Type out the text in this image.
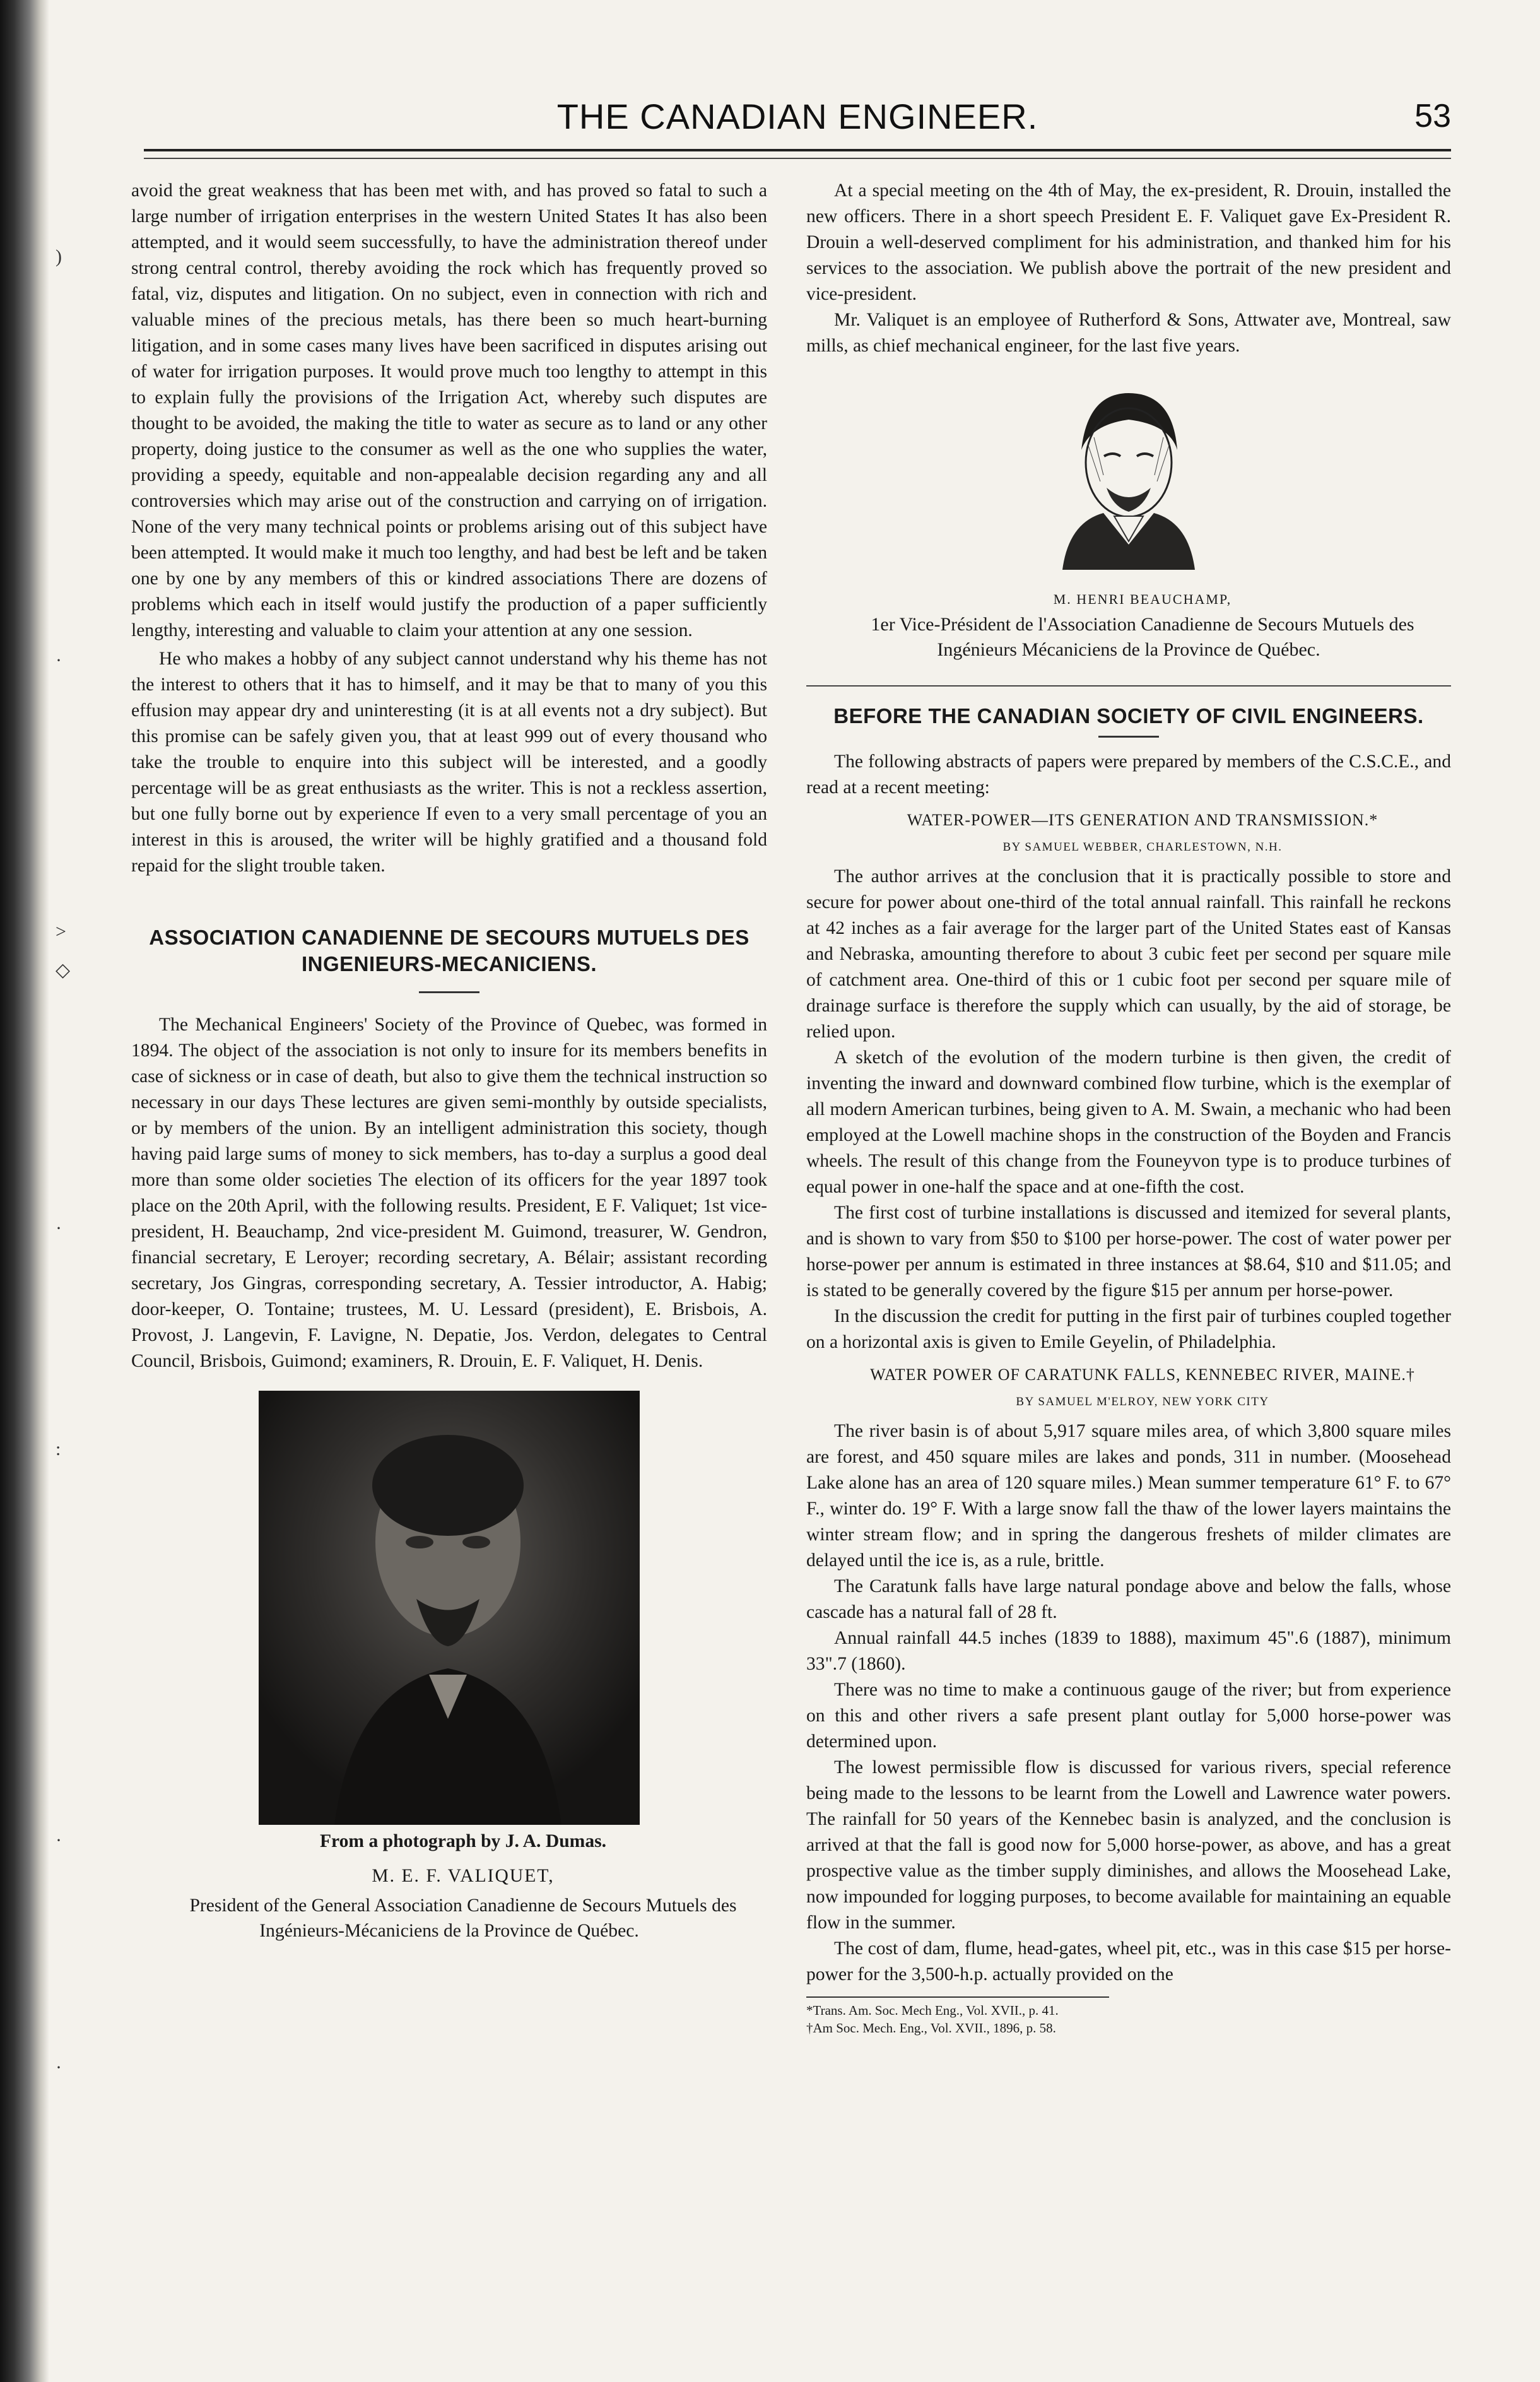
)
·
>
◇
·
:
·
·
THE CANADIAN ENGINEER.	53

avoid the great weakness that has been met with, and has proved so fatal to such a large number of irrigation enterprises in the western United States It has also been attempted, and it would seem successfully, to have the administration thereof under strong central control, thereby avoiding the rock which has frequently proved so fatal, viz, disputes and litigation. On no subject, even in connection with rich and valuable mines of the precious metals, has there been so much heart-burning litigation, and in some cases many lives have been sacrificed in disputes arising out of water for irrigation purposes. It would prove much too lengthy to attempt in this to explain fully the provisions of the Irrigation Act, whereby such disputes are thought to be avoided, the making the title to water as secure as to land or any other property, doing justice to the consumer as well as the one who supplies the water, providing a speedy, equitable and non-appealable decision regarding any and all controversies which may arise out of the construction and carrying on of irrigation. None of the very many technical points or problems arising out of this subject have been attempted. It would make it much too lengthy, and had best be left and be taken one by one by any members of this or kindred associations There are dozens of problems which each in itself would justify the production of a paper sufficiently lengthy, interesting and valuable to claim your attention at any one session.

He who makes a hobby of any subject cannot understand why his theme has not the interest to others that it has to himself, and it may be that to many of you this effusion may appear dry and uninteresting (it is at all events not a dry subject). But this promise can be safely given you, that at least 999 out of every thousand who take the trouble to enquire into this subject will be interested, and a goodly percentage will be as great enthusiasts as the writer. This is not a reckless assertion, but one fully borne out by experience If even to a very small percentage of you an interest in this is aroused, the writer will be highly gratified and a thousand fold repaid for the slight trouble taken.

ASSOCIATION CANADIENNE DE SECOURS MUTUELS DES INGENIEURS-MECANICIENS.

The Mechanical Engineers' Society of the Province of Quebec, was formed in 1894. The object of the association is not only to insure for its members benefits in case of sickness or in case of death, but also to give them the technical instruction so necessary in our days These lectures are given semi-monthly by outside specialists, or by members of the union. By an intelligent administration this society, though having paid large sums of money to sick members, has to-day a surplus a good deal more than some older societies The election of its officers for the year 1897 took place on the 20th April, with the following results. President, E F. Valiquet; 1st vice-president, H. Beauchamp, 2nd vice-president M. Guimond, treasurer, W. Gendron, financial secretary, E Leroyer; recording secretary, A. Bélair; assistant recording secretary, Jos Gingras, corresponding secretary, A. Tessier introductor, A. Habig; door-keeper, O. Tontaine; trustees, M. U. Lessard (president), E. Brisbois, A. Provost, J. Langevin, F. Lavigne, N. Depatie, Jos. Verdon, delegates to Central Council, Brisbois, Guimond; examiners, R. Drouin, E. F. Valiquet, H. Denis.

From a photograph by J. A. Dumas.

M. E. F. VALIQUET,

President of the General Association Canadienne de Secours Mutuels des Ingénieurs-Mécaniciens de la Province de Québec.

At a special meeting on the 4th of May, the ex-president, R. Drouin, installed the new officers. There in a short speech President E. F. Valiquet gave Ex-President R. Drouin a well-deserved compliment for his administration, and thanked him for his services to the association. We publish above the portrait of the new president and vice-president.

Mr. Valiquet is an employee of Rutherford & Sons, Attwater ave, Montreal, saw mills, as chief mechanical engineer, for the last five years.

M. HENRI BEAUCHAMP,

1er Vice-Président de l'Association Canadienne de Secours Mutuels des Ingénieurs Mécaniciens de la Province de Québec.

BEFORE THE CANADIAN SOCIETY OF CIVIL ENGINEERS.

The following abstracts of papers were prepared by members of the C.S.C.E., and read at a recent meeting:

WATER-POWER—ITS GENERATION AND TRANSMISSION.*

BY SAMUEL WEBBER, CHARLESTOWN, N.H.

The author arrives at the conclusion that it is practically possible to store and secure for power about one-third of the total annual rainfall. This rainfall he reckons at 42 inches as a fair average for the larger part of the United States east of Kansas and Nebraska, amounting therefore to about 3 cubic feet per second per square mile of catchment area. One-third of this or 1 cubic foot per second per square mile of drainage surface is therefore the supply which can usually, by the aid of storage, be relied upon.

A sketch of the evolution of the modern turbine is then given, the credit of inventing the inward and downward combined flow turbine, which is the exemplar of all modern American turbines, being given to A. M. Swain, a mechanic who had been employed at the Lowell machine shops in the construction of the Boyden and Francis wheels. The result of this change from the Founeyvon type is to produce turbines of equal power in one-half the space and at one-fifth the cost.

The first cost of turbine installations is discussed and itemized for several plants, and is shown to vary from $50 to $100 per horse-power. The cost of water power per horse-power per annum is estimated in three instances at $8.64, $10 and $11.05; and is stated to be generally covered by the figure $15 per annum per horse-power.

In the discussion the credit for putting in the first pair of turbines coupled together on a horizontal axis is given to Emile Geyelin, of Philadelphia.

WATER POWER OF CARATUNK FALLS, KENNEBEC RIVER, MAINE.†

BY SAMUEL M'ELROY, NEW YORK CITY

The river basin is of about 5,917 square miles area, of which 3,800 square miles are forest, and 450 square miles are lakes and ponds, 311 in number. (Moosehead Lake alone has an area of 120 square miles.) Mean summer temperature 61° F. to 67° F., winter do. 19° F. With a large snow fall the thaw of the lower layers maintains the winter stream flow; and in spring the dangerous freshets of milder climates are delayed until the ice is, as a rule, brittle.

The Caratunk falls have large natural pondage above and below the falls, whose cascade has a natural fall of 28 ft.

Annual rainfall 44.5 inches (1839 to 1888), maximum 45".6 (1887), minimum 33".7 (1860).

There was no time to make a continuous gauge of the river; but from experience on this and other rivers a safe present plant outlay for 5,000 horse-power was determined upon.

The lowest permissible flow is discussed for various rivers, special reference being made to the lessons to be learnt from the Lowell and Lawrence water powers. The rainfall for 50 years of the Kennebec basin is analyzed, and the conclusion is arrived at that the fall is good now for 5,000 horse-power, as above, and has a great prospective value as the timber supply diminishes, and allows the Moosehead Lake, now impounded for logging purposes, to become available for maintaining an equable flow in the summer.

The cost of dam, flume, head-gates, wheel pit, etc., was in this case $15 per horse-power for the 3,500-h.p. actually provided on the

*Trans. Am. Soc. Mech Eng., Vol. XVII., p. 41.

†Am Soc. Mech. Eng., Vol. XVII., 1896, p. 58.
